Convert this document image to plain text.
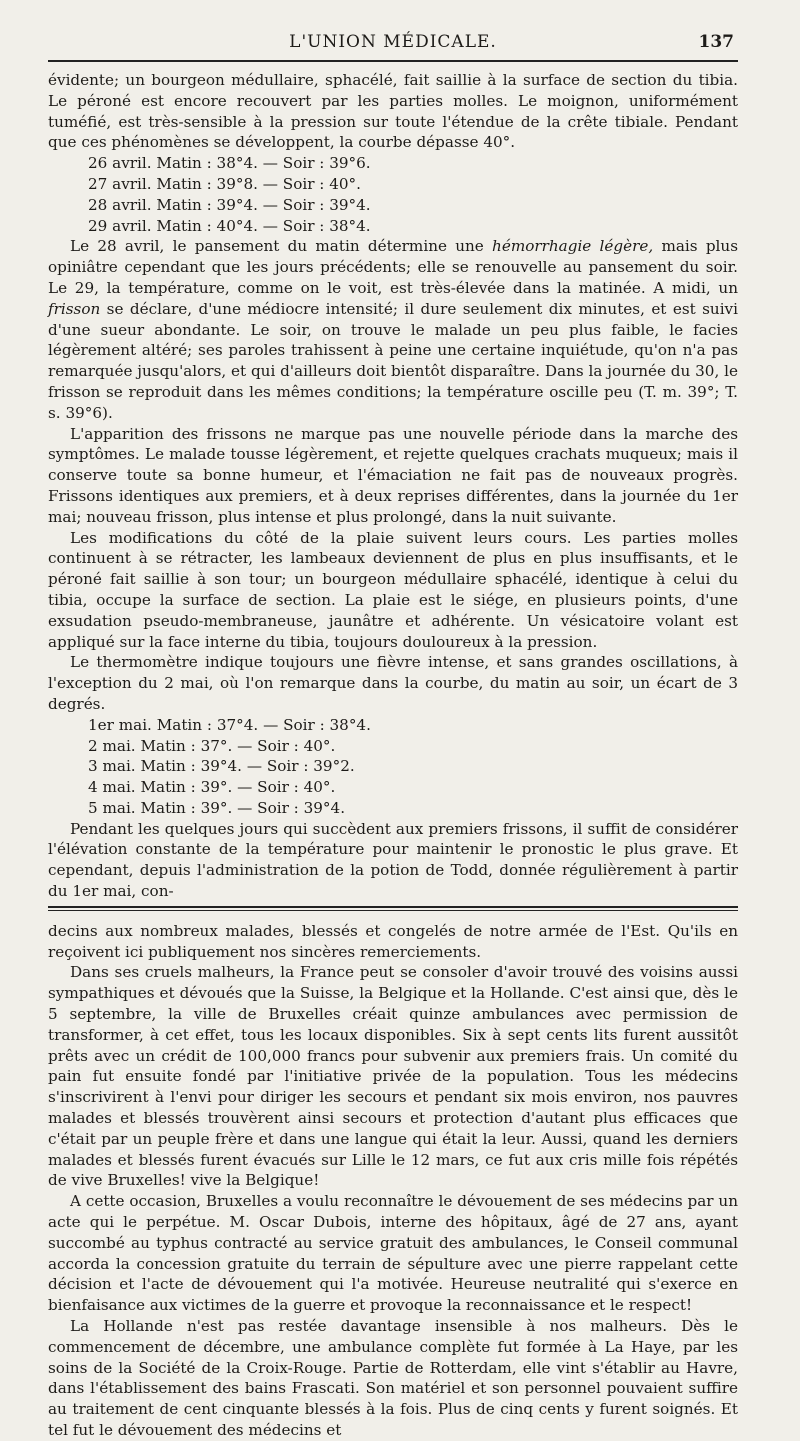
L'UNION MÉDICALE.	137

évidente; un bourgeon médullaire, sphacélé, fait saillie à la surface de section du tibia. Le péroné est encore recouvert par les parties molles. Le moignon, uniformément tuméfié, est très-sensible à la pression sur toute l'étendue de la crête tibiale. Pendant que ces phénomènes se développent, la courbe dépasse 40°.

26 avril. Matin : 38°4. — Soir : 39°6.
27 avril. Matin : 39°8. — Soir : 40°.
28 avril. Matin : 39°4. — Soir : 39°4.
29 avril. Matin : 40°4. — Soir : 38°4.

Le 28 avril, le pansement du matin détermine une hémorrhagie légère, mais plus opiniâtre cependant que les jours précédents; elle se renouvelle au pansement du soir. Le 29, la température, comme on le voit, est très-élevée dans la matinée. A midi, un frisson se déclare, d'une médiocre intensité; il dure seulement dix minutes, et est suivi d'une sueur abondante. Le soir, on trouve le malade un peu plus faible, le facies légèrement altéré; ses paroles trahissent à peine une certaine inquiétude, qu'on n'a pas remarquée jusqu'alors, et qui d'ailleurs doit bientôt disparaître. Dans la journée du 30, le frisson se reproduit dans les mêmes conditions; la température oscille peu (T. m. 39°; T. s. 39°6).

L'apparition des frissons ne marque pas une nouvelle période dans la marche des symptômes. Le malade tousse légèrement, et rejette quelques crachats muqueux; mais il conserve toute sa bonne humeur, et l'émaciation ne fait pas de nouveaux progrès. Frissons identiques aux premiers, et à deux reprises différentes, dans la journée du 1er mai; nouveau frisson, plus intense et plus prolongé, dans la nuit suivante.

Les modifications du côté de la plaie suivent leurs cours. Les parties molles continuent à se rétracter, les lambeaux deviennent de plus en plus insuffisants, et le péroné fait saillie à son tour; un bourgeon médullaire sphacélé, identique à celui du tibia, occupe la surface de section. La plaie est le siége, en plusieurs points, d'une exsudation pseudo-membraneuse, jaunâtre et adhérente. Un vésicatoire volant est appliqué sur la face interne du tibia, toujours douloureux à la pression.

Le thermomètre indique toujours une fièvre intense, et sans grandes oscillations, à l'exception du 2 mai, où l'on remarque dans la courbe, du matin au soir, un écart de 3 degrés.

1er mai. Matin : 37°4. — Soir : 38°4.
2 mai. Matin : 37°. — Soir : 40°.
3 mai. Matin : 39°4. — Soir : 39°2.
4 mai. Matin : 39°. — Soir : 40°.
5 mai. Matin : 39°. — Soir : 39°4.

Pendant les quelques jours qui succèdent aux premiers frissons, il suffit de considérer l'élévation constante de la température pour maintenir le pronostic le plus grave. Et cependant, depuis l'administration de la potion de Todd, donnée régulièrement à partir du 1er mai, con-

decins aux nombreux malades, blessés et congelés de notre armée de l'Est. Qu'ils en reçoivent ici publiquement nos sincères remerciements.

Dans ses cruels malheurs, la France peut se consoler d'avoir trouvé des voisins aussi sympathiques et dévoués que la Suisse, la Belgique et la Hollande. C'est ainsi que, dès le 5 septembre, la ville de Bruxelles créait quinze ambulances avec permission de transformer, à cet effet, tous les locaux disponibles. Six à sept cents lits furent aussitôt prêts avec un crédit de 100,000 francs pour subvenir aux premiers frais. Un comité du pain fut ensuite fondé par l'initiative privée de la population. Tous les médecins s'inscrivirent à l'envi pour diriger les secours et pendant six mois environ, nos pauvres malades et blessés trouvèrent ainsi secours et protection d'autant plus efficaces que c'était par un peuple frère et dans une langue qui était la leur. Aussi, quand les derniers malades et blessés furent évacués sur Lille le 12 mars, ce fut aux cris mille fois répétés de vive Bruxelles! vive la Belgique!

A cette occasion, Bruxelles a voulu reconnaître le dévouement de ses médecins par un acte qui le perpétue. M. Oscar Dubois, interne des hôpitaux, âgé de 27 ans, ayant succombé au typhus contracté au service gratuit des ambulances, le Conseil communal accorda la concession gratuite du terrain de sépulture avec une pierre rappelant cette décision et l'acte de dévouement qui l'a motivée. Heureuse neutralité qui s'exerce en bienfaisance aux victimes de la guerre et provoque la reconnaissance et le respect!

La Hollande n'est pas restée davantage insensible à nos malheurs. Dès le commencement de décembre, une ambulance complète fut formée à La Haye, par les soins de la Société de la Croix-Rouge. Partie de Rotterdam, elle vint s'établir au Havre, dans l'établissement des bains Frascati. Son matériel et son personnel pouvaient suffire au traitement de cent cinquante blessés à la fois. Plus de cinq cents y furent soignés. Et tel fut le dévouement des médecins et
